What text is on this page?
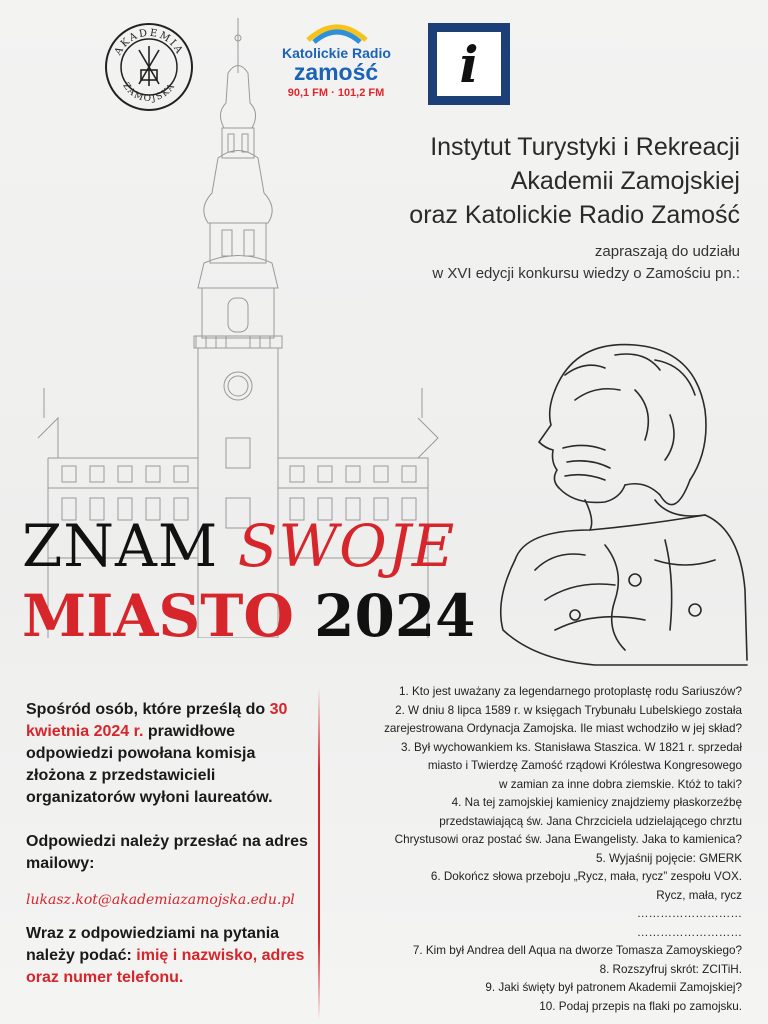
AKADEMIA
ZAMOJSKA
Katolickie Radio
zamość
90,1 FM · 101,2 FM	i
Instytut Turystyki i Rekreacji
Akademii Zamojskiej
oraz Katolickie Radio Zamość
zapraszają do udziału
w XVI edycji konkursu wiedzy o Zamościu pn.:
ZNAM SWOJE
MIASTO 2024

Spośród osób, które prześlą do 30 kwietnia 2024 r. prawidłowe odpowiedzi powołana komisja złożona z przedstawicieli organizatorów wyłoni laureatów.

Odpowiedzi należy przesłać na adres mailowy:

lukasz.kot@akademiazamojska.edu.pl

Wraz z odpowiedziami na pytania należy podać: imię i nazwisko, adres oraz numer telefonu.

1. Kto jest uważany za legendarnego protoplastę rodu Sariuszów?
2. W dniu 8 lipca 1589 r. w księgach Trybunału Lubelskiego została
zarejestrowana Ordynacja Zamojska. Ile miast wchodziło w jej skład?
3. Był wychowankiem ks. Stanisława Staszica. W 1821 r. sprzedał
miasto i Twierdzę Zamość rządowi Królestwa Kongresowego
w zamian za inne dobra ziemskie. Któż to taki?
4. Na tej zamojskiej kamienicy znajdziemy płaskorzeźbę
przedstawiającą św. Jana Chrzciciela udzielającego chrztu
Chrystusowi oraz postać św. Jana Ewangelisty. Jaka to kamienica?
5. Wyjaśnij pojęcie: GMERK
6. Dokończ słowa przeboju „Rycz, mała, rycz” zespołu VOX.
Rycz, mała, rycz
………………………
………………………
7. Kim był Andrea dell Aqua na dworze Tomasza Zamoyskiego?
8. Rozszyfruj skrót: ZCITiH.
9. Jaki święty był patronem Akademii Zamojskiej?
10. Podaj przepis na flaki po zamojsku.
